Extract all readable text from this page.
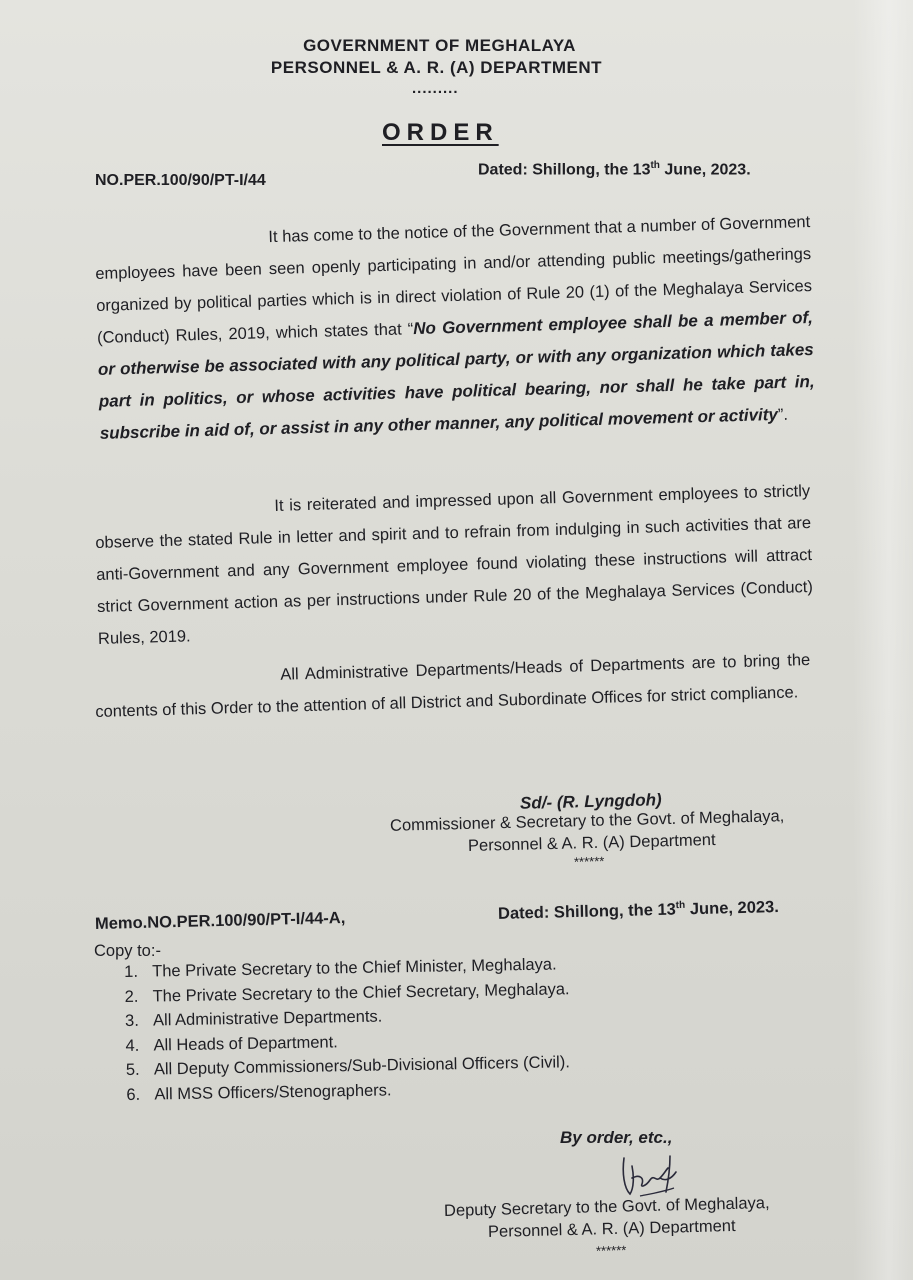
GOVERNMENT OF MEGHALAYA
PERSONNEL & A. R. (A) DEPARTMENT
.........
ORDER
NO.PER.100/90/PT-I/44
Dated: Shillong, the 13th June, 2023.
It has come to the notice of the Government that a number of Government employees have been seen openly participating in and/or attending public meetings/gatherings organized by political parties which is in direct violation of Rule 20 (1) of the Meghalaya Services (Conduct) Rules, 2019, which states that “No Government employee shall be a member of, or otherwise be associated with any political party, or with any organization which takes part in politics, or whose activities have political bearing, nor shall he take part in, subscribe in aid of, or assist in any other manner, any political movement or activity”.
It is reiterated and impressed upon all Government employees to strictly observe the stated Rule in letter and spirit and to refrain from indulging in such activities that are anti-Government and any Government employee found violating these instructions will attract strict Government action as per instructions under Rule 20 of the Meghalaya Services (Conduct) Rules, 2019.
All Administrative Departments/Heads of Departments are to bring the contents of this Order to the attention of all District and Subordinate Offices for strict compliance.
Sd/- (R. Lyngdoh)
Commissioner & Secretary to the Govt. of Meghalaya,
Personnel & A. R. (A) Department
******
Memo.NO.PER.100/90/PT-I/44-A,	Dated: Shillong, the 13th June, 2023.
Copy to:-
1. The Private Secretary to the Chief Minister, Meghalaya.
2. The Private Secretary to the Chief Secretary, Meghalaya.
3. All Administrative Departments.
4. All Heads of Department.
5. All Deputy Commissioners/Sub-Divisional Officers (Civil).
6. All MSS Officers/Stenographers.
By order, etc.,
Deputy Secretary to the Govt. of Meghalaya,
Personnel & A. R. (A) Department
******
